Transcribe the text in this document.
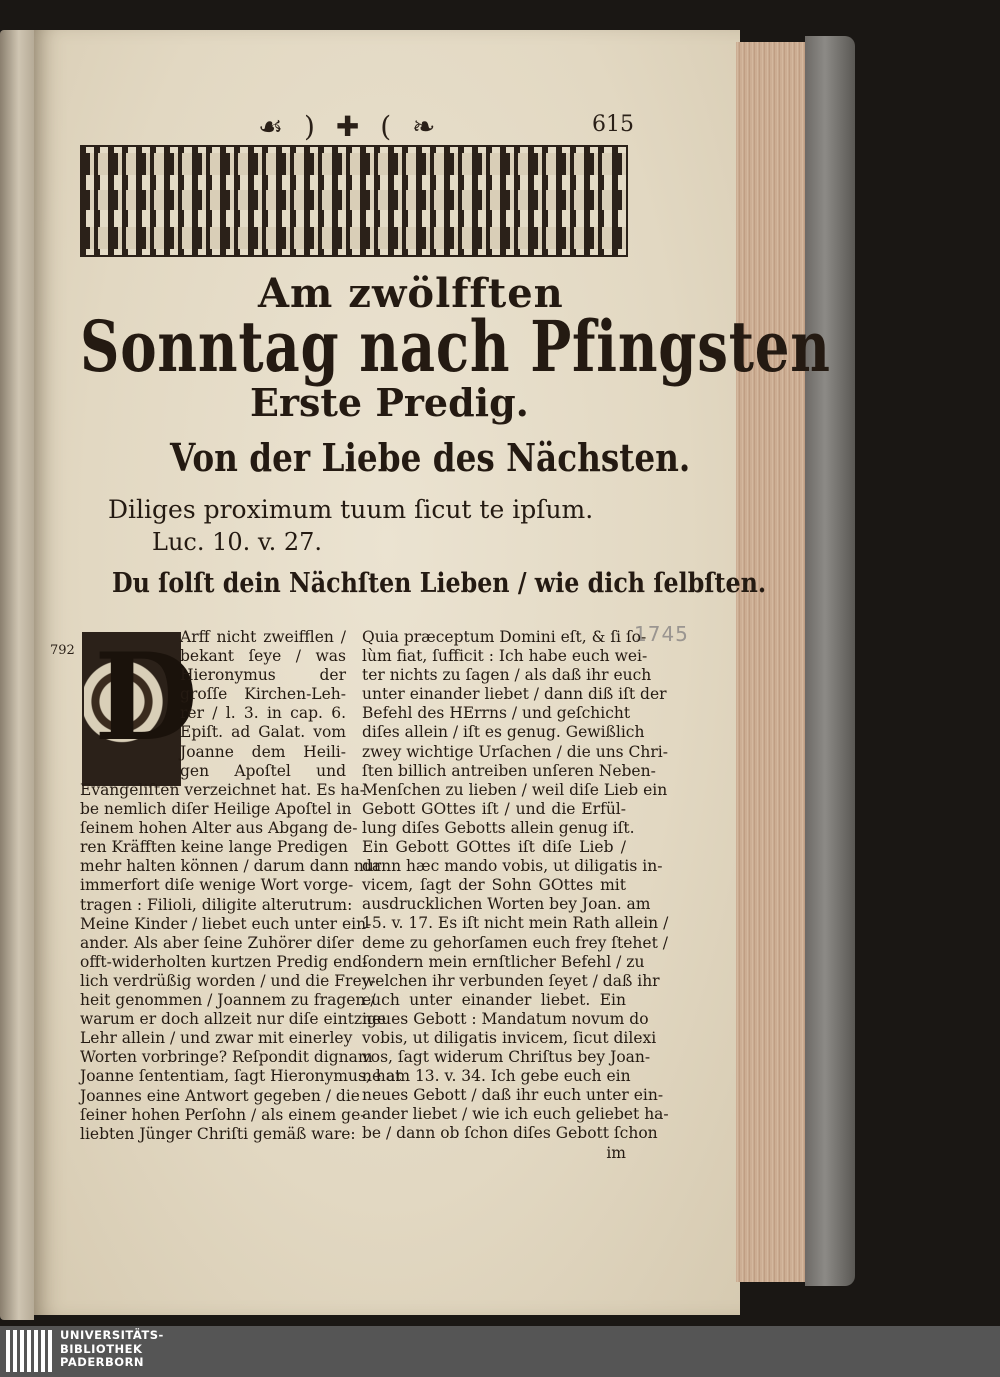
☙ ) ✚ ( ❧	615
Am zwölfften
Sonntag nach Pfingsten
Erste Predig.
Von der Liebe des Nächsten.
Diliges proximum tuum ſicut te ipſum.
Luc. 10. v. 27.
Du ſolſt dein Nächſten Lieben / wie dich ſelbſten.
792
1745
D
Arff nicht zweifflen /
bekant ſeye / was
Hieronymus der
groſſe Kirchen-Leh-
rer / l. 3. in cap. 6.
Epiſt. ad Galat. vom
Joanne dem Heili-
gen Apoſtel und
Evangeliſten verzeichnet hat. Es ha-
be nemlich diſer Heilige Apoſtel in
ſeinem hohen Alter aus Abgang de-
ren Kräfften keine lange Predigen
mehr halten können / darum dann nur
immerfort diſe wenige Wort vorge-
tragen : Filioli, diligite alterutrum:
Meine Kinder / liebet euch unter ein-
ander. Als aber ſeine Zuhörer diſer
offt-widerholten kurtzen Predig end-
lich verdrüßig worden / und die Frey-
heit genommen / Joannem zu fragen /
warum er doch allzeit nur diſe eintzige
Lehr allein / und zwar mit einerley
Worten vorbringe? Reſpondit dignam
Joanne ſententiam, ſagt Hieronymus, hat
Joannes eine Antwort gegeben / die
ſeiner hohen Perſohn / als einem ge-
liebten Jünger Chriſti gemäß ware:
Quia præceptum Domini eſt, & ſi ſo-
lùm fiat, ſufficit : Ich habe euch wei-
ter nichts zu ſagen / als daß ihr euch
unter einander liebet / dann diß iſt der
Befehl des HErrns / und geſchicht
diſes allein / iſt es genug. Gewißlich
zwey wichtige Urſachen / die uns Chri-
ſten billich antreiben unſeren Neben-
Menſchen zu lieben / weil diſe Lieb ein
Gebott GOttes iſt / und die Erfül-
lung diſes Gebotts allein genug iſt.
Ein Gebott GOttes iſt diſe Lieb /
dann hæc mando vobis, ut diligatis in-
vicem, ſagt der Sohn GOttes mit
ausdrucklichen Worten bey Joan. am
15. v. 17. Es iſt nicht mein Rath allein /
deme zu gehorſamen euch frey ſtehet /
ſondern mein ernſtlicher Befehl / zu
welchen ihr verbunden ſeyet / daß ihr
euch unter einander liebet. Ein
neues Gebott : Mandatum novum do
vobis, ut diligatis invicem, ſicut dilexi
vos, ſagt widerum Chriſtus bey Joan-
ne am 13. v. 34. Ich gebe euch ein
neues Gebott / daß ihr euch unter ein-
ander liebet / wie ich euch geliebet ha-
be / dann ob ſchon diſes Gebott ſchon
im
UNIVERSITÄTS-
BIBLIOTHEK
PADERBORN
